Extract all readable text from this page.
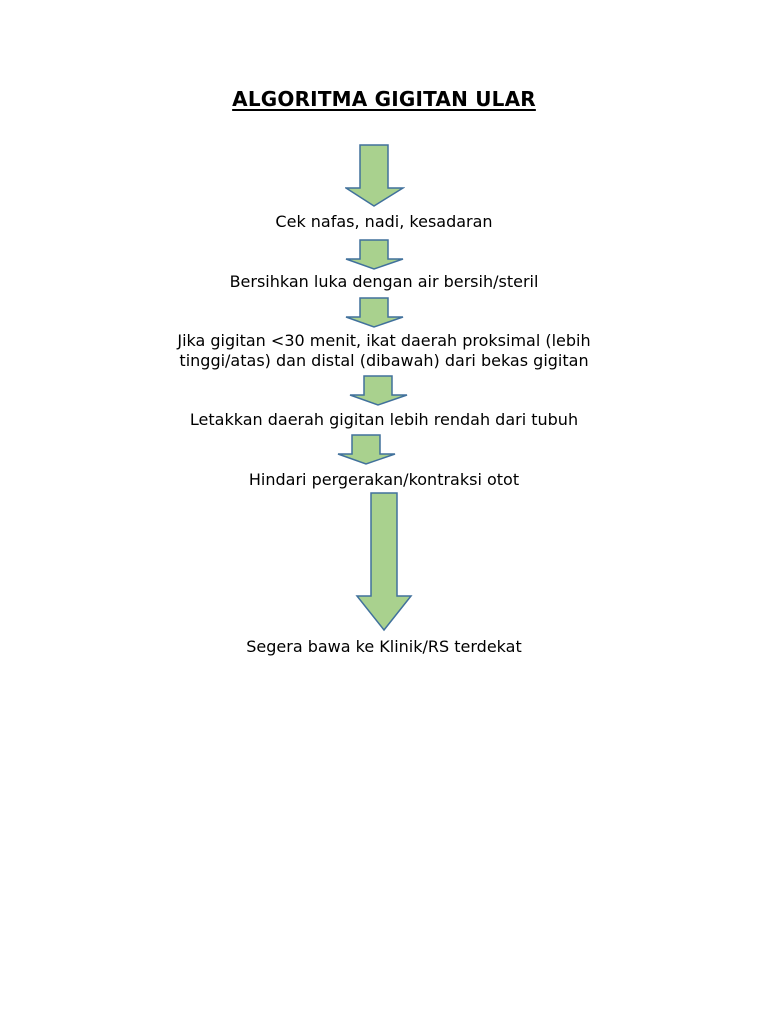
ALGORITMA GIGITAN ULAR
Cek nafas, nadi, kesadaran
Bersihkan luka dengan air bersih/steril
Jika gigitan <30 menit, ikat daerah proksimal (lebih
tinggi/atas) dan distal (dibawah) dari bekas gigitan
Letakkan daerah gigitan lebih rendah dari tubuh
Hindari pergerakan/kontraksi otot
Segera bawa ke Klinik/RS terdekat
